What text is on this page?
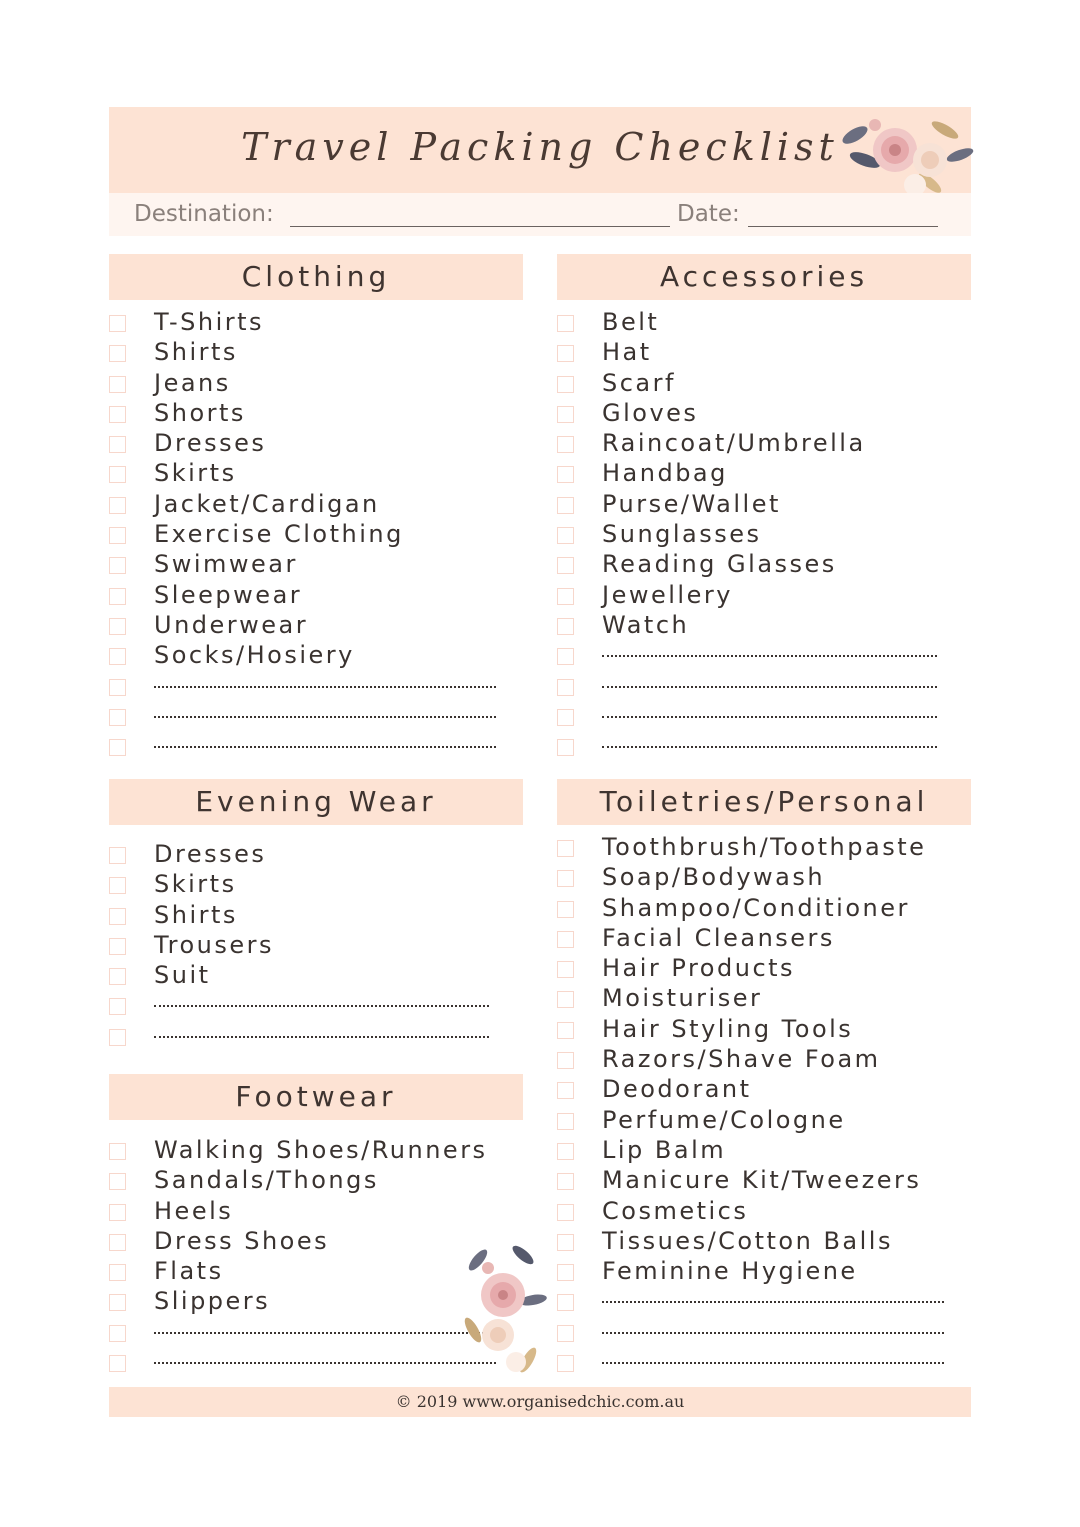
Travel Packing Checklist
Destination:	Date:
Clothing
T-Shirts
Shirts
Jeans
Shorts
Dresses
Skirts
Jacket/Cardigan
Exercise Clothing
Swimwear
Sleepwear
Underwear
Socks/Hosiery
Accessories
Belt
Hat
Scarf
Gloves
Raincoat/Umbrella
Handbag
Purse/Wallet
Sunglasses
Reading Glasses
Jewellery
Watch
Evening Wear
Dresses
Skirts
Shirts
Trousers
Suit
Toiletries/Personal
Toothbrush/Toothpaste
Soap/Bodywash
Shampoo/Conditioner
Facial Cleansers
Hair Products
Moisturiser
Hair Styling Tools
Razors/Shave Foam
Deodorant
Perfume/Cologne
Lip Balm
Manicure Kit/Tweezers
Cosmetics
Tissues/Cotton Balls
Feminine Hygiene
Footwear
Walking Shoes/Runners
Sandals/Thongs
Heels
Dress Shoes
Flats
Slippers
© 2019 www.organisedchic.com.au
